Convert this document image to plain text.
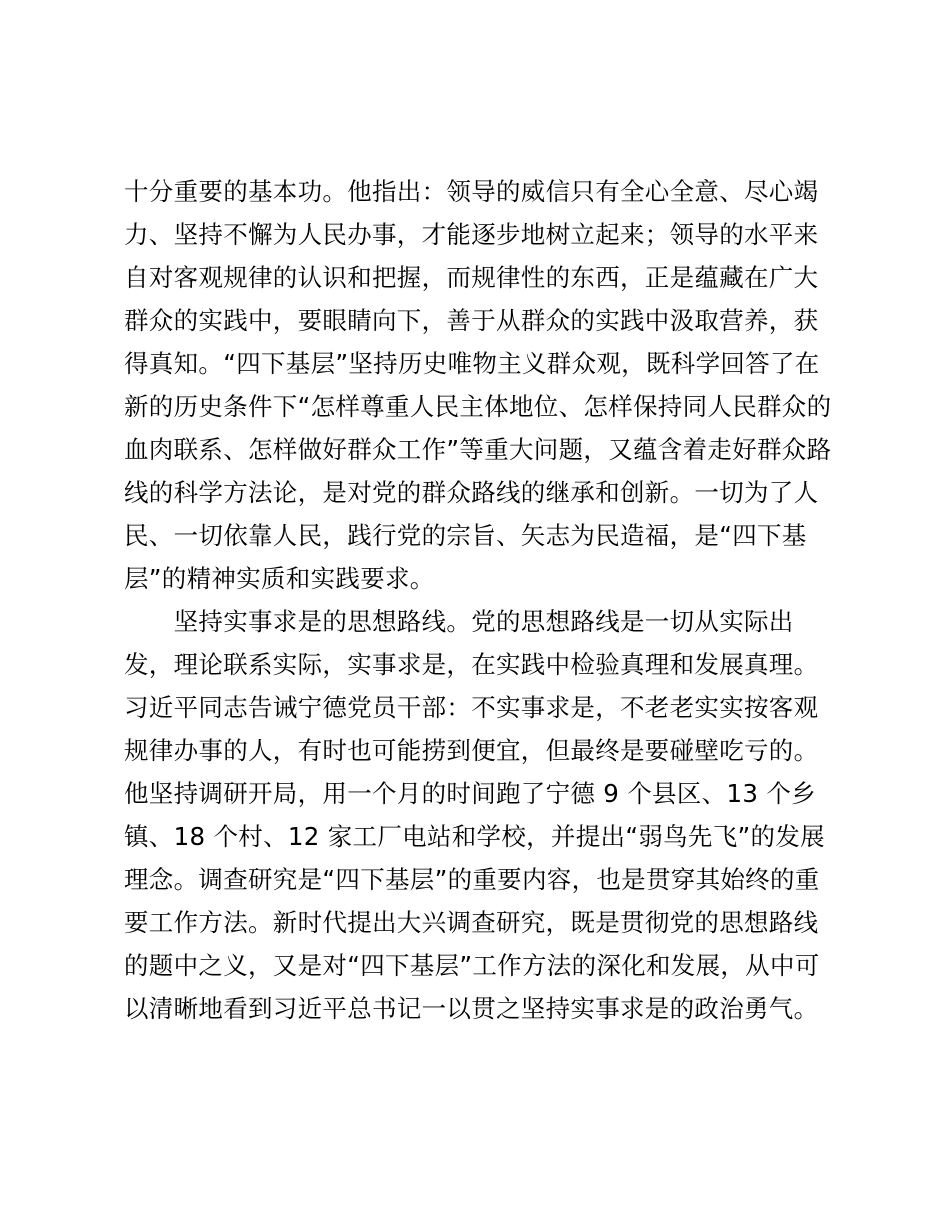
十分重要的基本功。他指出：领导的威信只有全心全意、尽心竭
力、坚持不懈为人民办事，才能逐步地树立起来；领导的水平来
自对客观规律的认识和把握，而规律性的东西，正是蕴藏在广大
群众的实践中，要眼睛向下，善于从群众的实践中汲取营养，获
得真知。“四下基层”坚持历史唯物主义群众观，既科学回答了在
新的历史条件下“怎样尊重人民主体地位、怎样保持同人民群众的
血肉联系、怎样做好群众工作”等重大问题，又蕴含着走好群众路
线的科学方法论，是对党的群众路线的继承和创新。一切为了人
民、一切依靠人民，践行党的宗旨、矢志为民造福，是“四下基
层”的精神实质和实践要求。
　　坚持实事求是的思想路线。党的思想路线是一切从实际出
发，理论联系实际，实事求是，在实践中检验真理和发展真理。
习近平同志告诫宁德党员干部：不实事求是，不老老实实按客观
规律办事的人，有时也可能捞到便宜，但最终是要碰壁吃亏的。
他坚持调研开局，用一个月的时间跑了宁德 9 个县区、13 个乡
镇、18 个村、12 家工厂电站和学校，并提出“弱鸟先飞”的发展
理念。调查研究是“四下基层”的重要内容，也是贯穿其始终的重
要工作方法。新时代提出大兴调查研究，既是贯彻党的思想路线
的题中之义，又是对“四下基层”工作方法的深化和发展，从中可
以清晰地看到习近平总书记一以贯之坚持实事求是的政治勇气。
